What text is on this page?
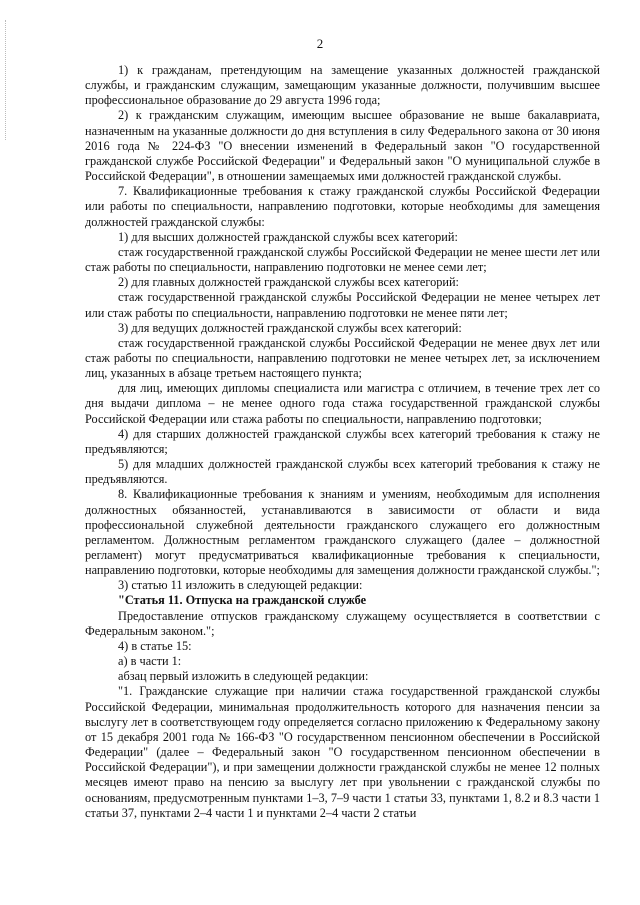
2

1) к гражданам, претендующим на замещение указанных должностей гражданской службы, и гражданским служащим, замещающим указанные должности, получившим высшее профессиональное образование до 29 августа 1996 года;

2) к гражданским служащим, имеющим высшее образование не выше бакалавриата, назначенным на указанные должности до дня вступления в силу Федерального закона от 30 июня 2016 года № 224-ФЗ "О внесении изменений в Федеральный закон "О государственной гражданской службе Российской Федерации" и Федеральный закон "О муниципальной службе в Российской Федерации", в отношении замещаемых ими должностей гражданской службы.

7. Квалификационные требования к стажу гражданской службы Российской Федерации или работы по специальности, направлению подготовки, которые необходимы для замещения должностей гражданской службы:

1) для высших должностей гражданской службы всех категорий:

стаж государственной гражданской службы Российской Федерации не менее шести лет или стаж работы по специальности, направлению подготовки не менее семи лет;

2) для главных должностей гражданской службы всех категорий:

стаж государственной гражданской службы Российской Федерации не менее четырех лет или стаж работы по специальности, направлению подготовки не менее пяти лет;

3) для ведущих должностей гражданской службы всех категорий:

стаж государственной гражданской службы Российской Федерации не менее двух лет или стаж работы по специальности, направлению подготовки не менее четырех лет, за исключением лиц, указанных в абзаце третьем настоящего пункта;

для лиц, имеющих дипломы специалиста или магистра с отличием, в течение трех лет со дня выдачи диплома – не менее одного года стажа государственной гражданской службы Российской Федерации или стажа работы по специальности, направлению подготовки;

4) для старших должностей гражданской службы всех категорий требования к стажу не предъявляются;

5) для младших должностей гражданской службы всех категорий требования к стажу не предъявляются.

8. Квалификационные требования к знаниям и умениям, необходимым для исполнения должностных обязанностей, устанавливаются в зависимости от области и вида профессиональной служебной деятельности гражданского служащего его должностным регламентом. Должностным регламентом гражданского служащего (далее – должностной регламент) могут предусматриваться квалификационные требования к специальности, направлению подготовки, которые необходимы для замещения должности гражданской службы.";

3) статью 11 изложить в следующей редакции:

"Статья 11. Отпуска на гражданской службе

Предоставление отпусков гражданскому служащему осуществляется в соответствии с Федеральным законом.";

4) в статье 15:

а) в части 1:

абзац первый изложить в следующей редакции:

"1. Гражданские служащие при наличии стажа государственной гражданской службы Российской Федерации, минимальная продолжительность которого для назначения пенсии за выслугу лет в соответствующем году определяется согласно приложению к Федеральному закону от 15 декабря 2001 года № 166-ФЗ "О государственном пенсионном обеспечении в Российской Федерации" (далее – Федеральный закон "О государственном пенсионном обеспечении в Российской Федерации"), и при замещении должности гражданской службы не менее 12 полных месяцев имеют право на пенсию за выслугу лет при увольнении с гражданской службы по основаниям, предусмотренным пунктами 1–3, 7–9 части 1 статьи 33, пунктами 1, 8.2 и 8.3 части 1 статьи 37, пунктами 2–4 части 1 и пунктами 2–4 части 2 статьи
